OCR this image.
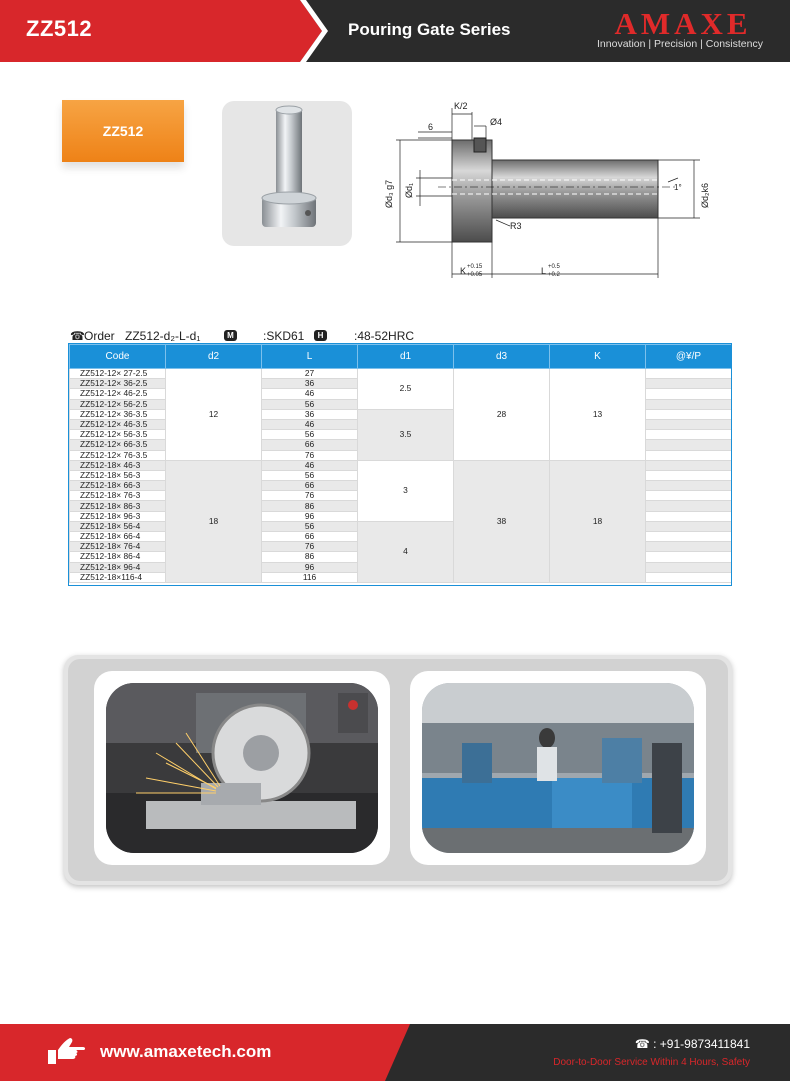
ZZ512	Pouring Gate Series	AMAXE
Innovation | Precision | Consistency
ZZ512
K/2
6	Ø4
Ød₃ g7 Ød₁	Ød₂k6
1°
R3
K +0.15
+0.05	L +0.5
+0.2
☎ Order ZZ512-d₂-L-d₁	M :SKD61	H	:48-52HRC
Code	d2	L	d1	d3	K	@¥/P
ZZ512-12× 27-2.5	12	27	2.5	28	13	
ZZ512-12× 36-2.5		36				
ZZ512-12× 46-2.5		46				
ZZ512-12× 56-2.5		56				
ZZ512-12× 36-3.5		36	3.5			
ZZ512-12× 46-3.5		46				
ZZ512-12× 56-3.5		56				
ZZ512-12× 66-3.5		66				
ZZ512-12× 76-3.5		76				
ZZ512-18× 46-3	18	46	3	38	18	
ZZ512-18× 56-3		56				
ZZ512-18× 66-3		66				
ZZ512-18× 76-3		76				
ZZ512-18× 86-3		86				
ZZ512-18× 96-3		96				
ZZ512-18× 56-4		56	4			
ZZ512-18× 66-4		66				
ZZ512-18× 76-4		76				
ZZ512-18× 86-4		86				
ZZ512-18× 96-4		96				
ZZ512-18×116-4		116				
www.amaxetech.com	☎ : +91-9873411841
Door-to-Door Service Within 4 Hours, Safety
